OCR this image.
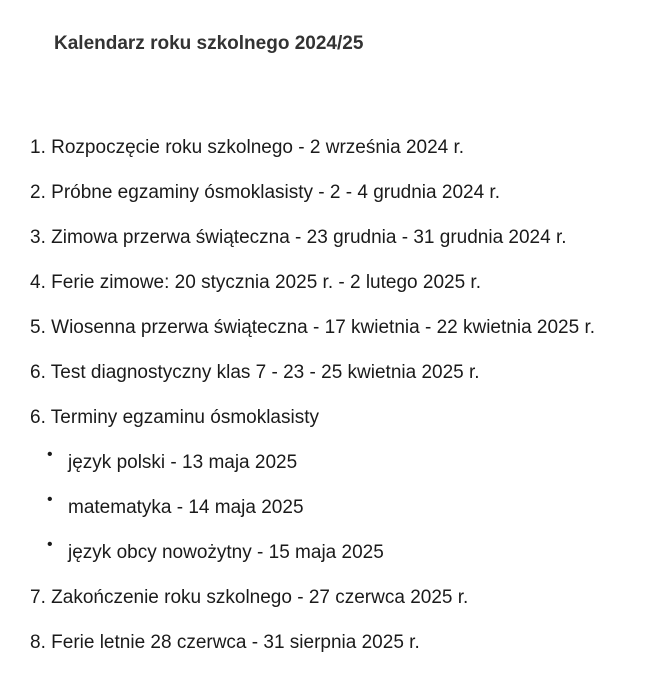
Kalendarz roku szkolnego 2024/25
1. Rozpoczęcie roku szkolnego - 2 września 2024 r.
2. Próbne egzaminy ósmoklasisty - 2 - 4 grudnia 2024 r.
3. Zimowa przerwa świąteczna - 23 grudnia - 31 grudnia 2024 r.
4. Ferie zimowe: 20 stycznia 2025 r. - 2 lutego 2025 r.
5. Wiosenna przerwa świąteczna - 17 kwietnia - 22 kwietnia 2025 r.
6. Test diagnostyczny klas 7 - 23 - 25 kwietnia 2025 r.
6. Terminy egzaminu ósmoklasisty
• język polski - 13 maja 2025
• matematyka - 14 maja 2025
• język obcy nowożytny - 15 maja 2025
7. Zakończenie roku szkolnego - 27 czerwca 2025 r.
8. Ferie letnie 28 czerwca - 31 sierpnia 2025 r.
